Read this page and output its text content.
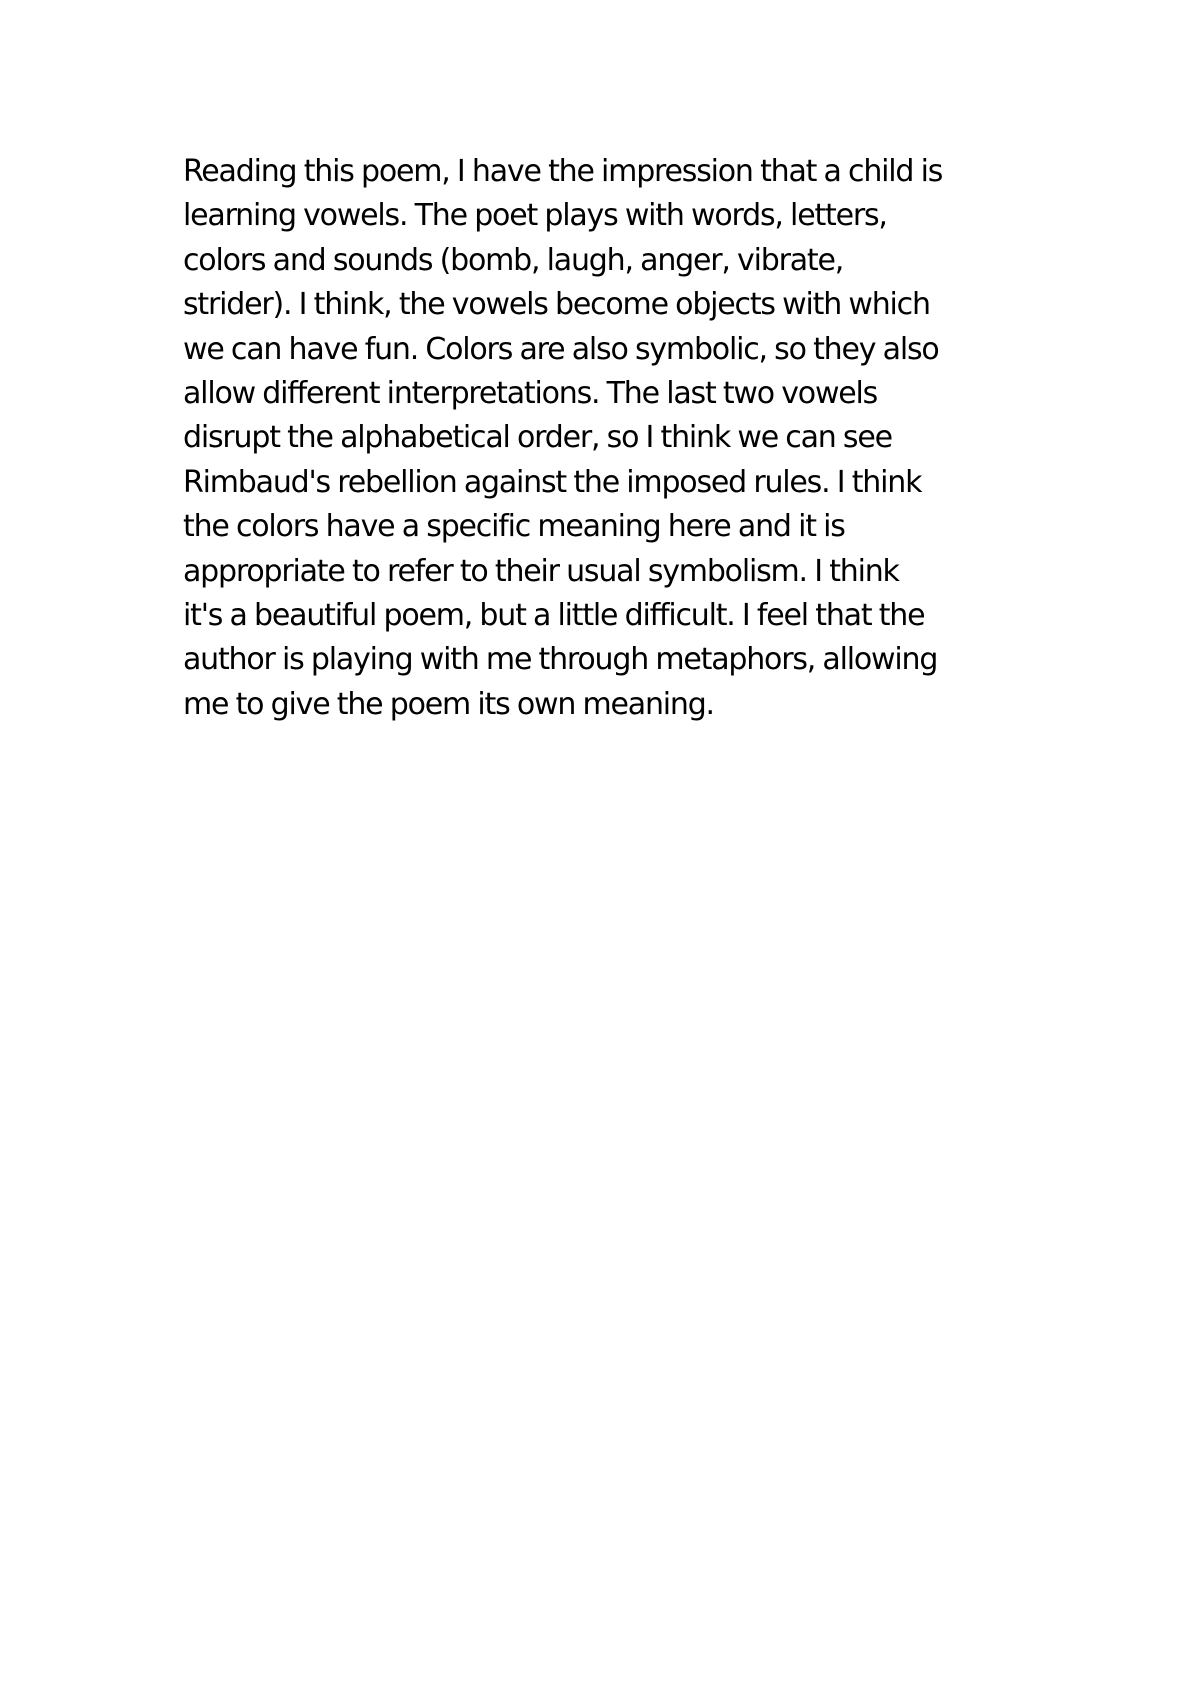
Reading this poem, I have the impression that a child is
learning vowels. The poet plays with words, letters,
colors and sounds (bomb, laugh, anger, vibrate,
strider). I think, the vowels become objects with which
we can have fun. Colors are also symbolic, so they also
allow different interpretations. The last two vowels
disrupt the alphabetical order, so I think we can see
Rimbaud's rebellion against the imposed rules. I think
the colors have a specific meaning here and it is
appropriate to refer to their usual symbolism. I think
it's a beautiful poem, but a little difficult. I feel that the
author is playing with me through metaphors, allowing
me to give the poem its own meaning.
